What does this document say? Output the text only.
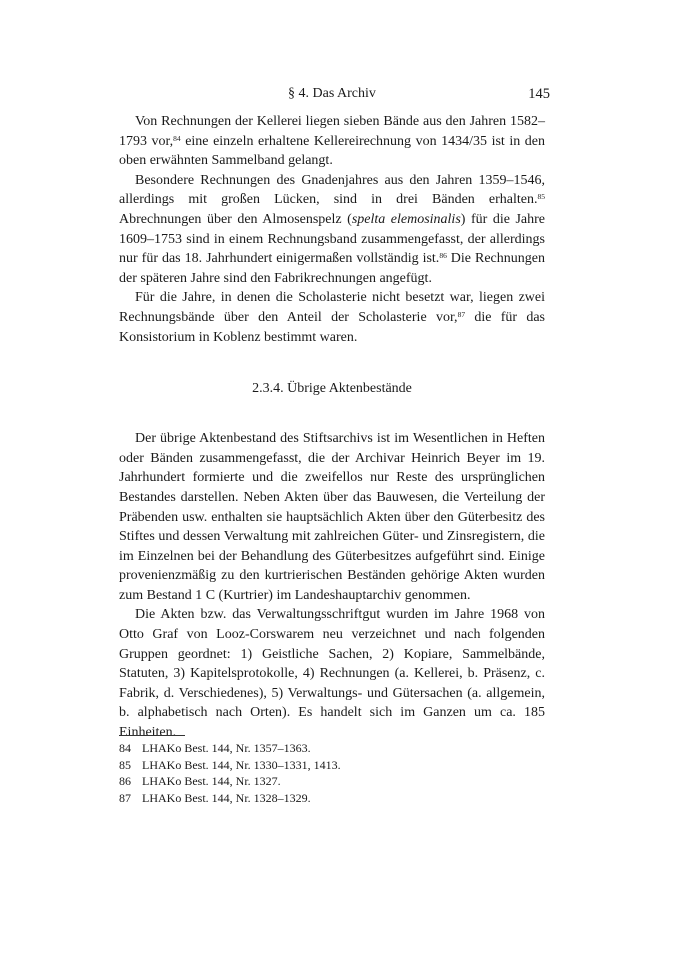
§ 4. Das Archiv	145

Von Rechnungen der Kellerei liegen sieben Bände aus den Jahren 1582–1793 vor,$^{84}$ eine einzeln erhaltene Kellereirechnung von 1434/35 ist in den oben erwähnten Sammelband gelangt.

Besondere Rechnungen des Gnadenjahres aus den Jahren 1359–1546, allerdings mit großen Lücken, sind in drei Bänden erhalten.$^{85}$ Abrechnungen über den Almosenspelz (spelta elemosinalis) für die Jahre 1609–1753 sind in einem Rechnungsband zusammengefasst, der allerdings nur für das 18. Jahrhundert einigermaßen vollständig ist.$^{86}$ Die Rechnungen der späteren Jahre sind den Fabrikrechnungen angefügt.

Für die Jahre, in denen die Scholasterie nicht besetzt war, liegen zwei Rechnungsbände über den Anteil der Scholasterie vor,$^{87}$ die für das Konsistorium in Koblenz bestimmt waren.

2.3.4. Übrige Aktenbestände

Der übrige Aktenbestand des Stiftsarchivs ist im Wesentlichen in Heften oder Bänden zusammengefasst, die der Archivar Heinrich Beyer im 19. Jahrhundert formierte und die zweifellos nur Reste des ursprünglichen Bestandes darstellen. Neben Akten über das Bauwesen, die Verteilung der Präbenden usw. enthalten sie hauptsächlich Akten über den Güterbesitz des Stiftes und dessen Verwaltung mit zahlreichen Güter- und Zinsregistern, die im Einzelnen bei der Behandlung des Güterbesitzes aufgeführt sind. Einige provenienzmäßig zu den kurtrierischen Beständen gehörige Akten wurden zum Bestand 1 C (Kurtrier) im Landeshauptarchiv genommen.

Die Akten bzw. das Verwaltungsschriftgut wurden im Jahre 1968 von Otto Graf von Looz-Corswarem neu verzeichnet und nach folgenden Gruppen geordnet: 1) Geistliche Sachen, 2) Kopiare, Sammelbände, Statuten, 3) Kapitelsprotokolle, 4) Rechnungen (a. Kellerei, b. Präsenz, c. Fabrik, d. Verschiedenes), 5) Verwaltungs- und Gütersachen (a. allgemein, b. alphabetisch nach Orten). Es handelt sich im Ganzen um ca. 185 Einheiten.

84 LHAKo Best. 144, Nr. 1357–1363.
85 LHAKo Best. 144, Nr. 1330–1331, 1413.
86 LHAKo Best. 144, Nr. 1327.
87 LHAKo Best. 144, Nr. 1328–1329.
